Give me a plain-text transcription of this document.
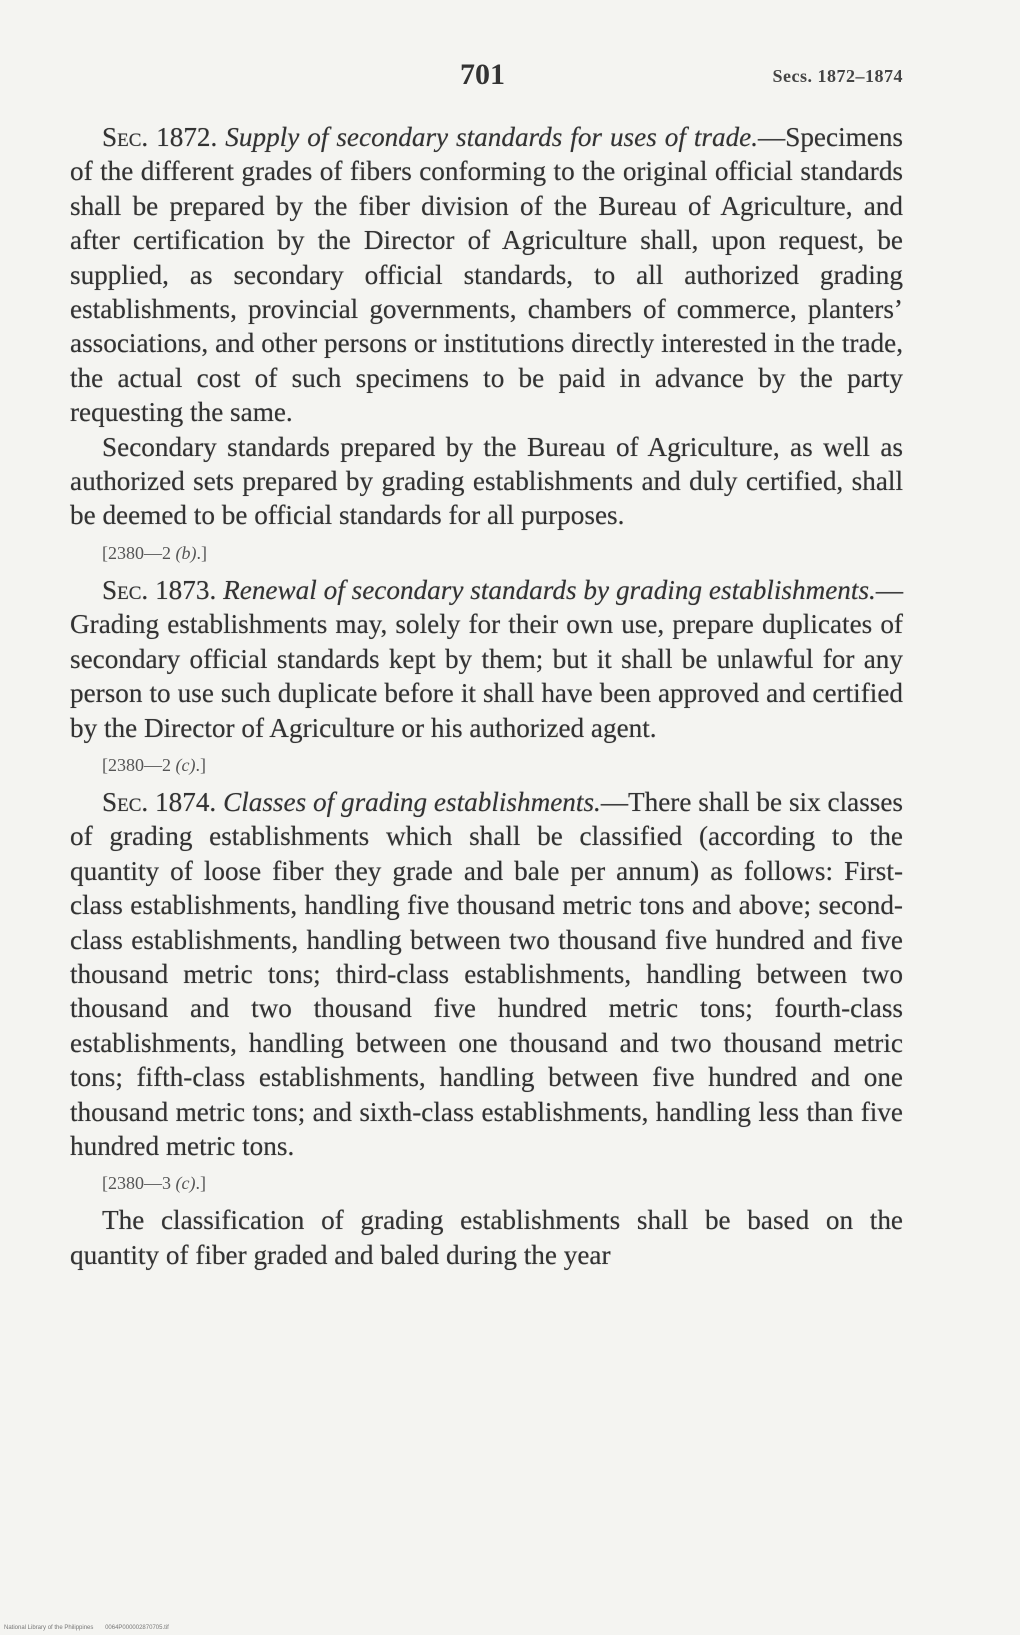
701	Secs. 1872–1874

Sec. 1872. Supply of secondary standards for uses of trade.—Specimens of the different grades of fibers conforming to the original official standards shall be prepared by the fiber division of the Bureau of Agriculture, and after certification by the Director of Agriculture shall, upon request, be supplied, as secondary official standards, to all authorized grading establishments, provincial governments, chambers of commerce, planters’ associations, and other persons or institutions directly interested in the trade, the actual cost of such specimens to be paid in advance by the party requesting the same.

Secondary standards prepared by the Bureau of Agriculture, as well as authorized sets prepared by grading establishments and duly certified, shall be deemed to be official standards for all purposes.

[2380—2 (b).]

Sec. 1873. Renewal of secondary standards by grading establishments.—Grading establishments may, solely for their own use, prepare duplicates of secondary official standards kept by them; but it shall be unlawful for any person to use such duplicate before it shall have been approved and certified by the Director of Agriculture or his authorized agent.

[2380—2 (c).]

Sec. 1874. Classes of grading establishments.—There shall be six classes of grading establishments which shall be classified (according to the quantity of loose fiber they grade and bale per annum) as follows: First-class establishments, handling five thousand metric tons and above; second-class establishments, handling between two thousand five hundred and five thousand metric tons; third-class establishments, handling between two thousand and two thousand five hundred metric tons; fourth-class establishments, handling between one thousand and two thousand metric tons; fifth-class establishments, handling between five hundred and one thousand metric tons; and sixth-class establishments, handling less than five hundred metric tons.

[2380—3 (c).]

The classification of grading establishments shall be based on the quantity of fiber graded and baled during the year

National Library of the Philippines 0064P000002870705.tif
